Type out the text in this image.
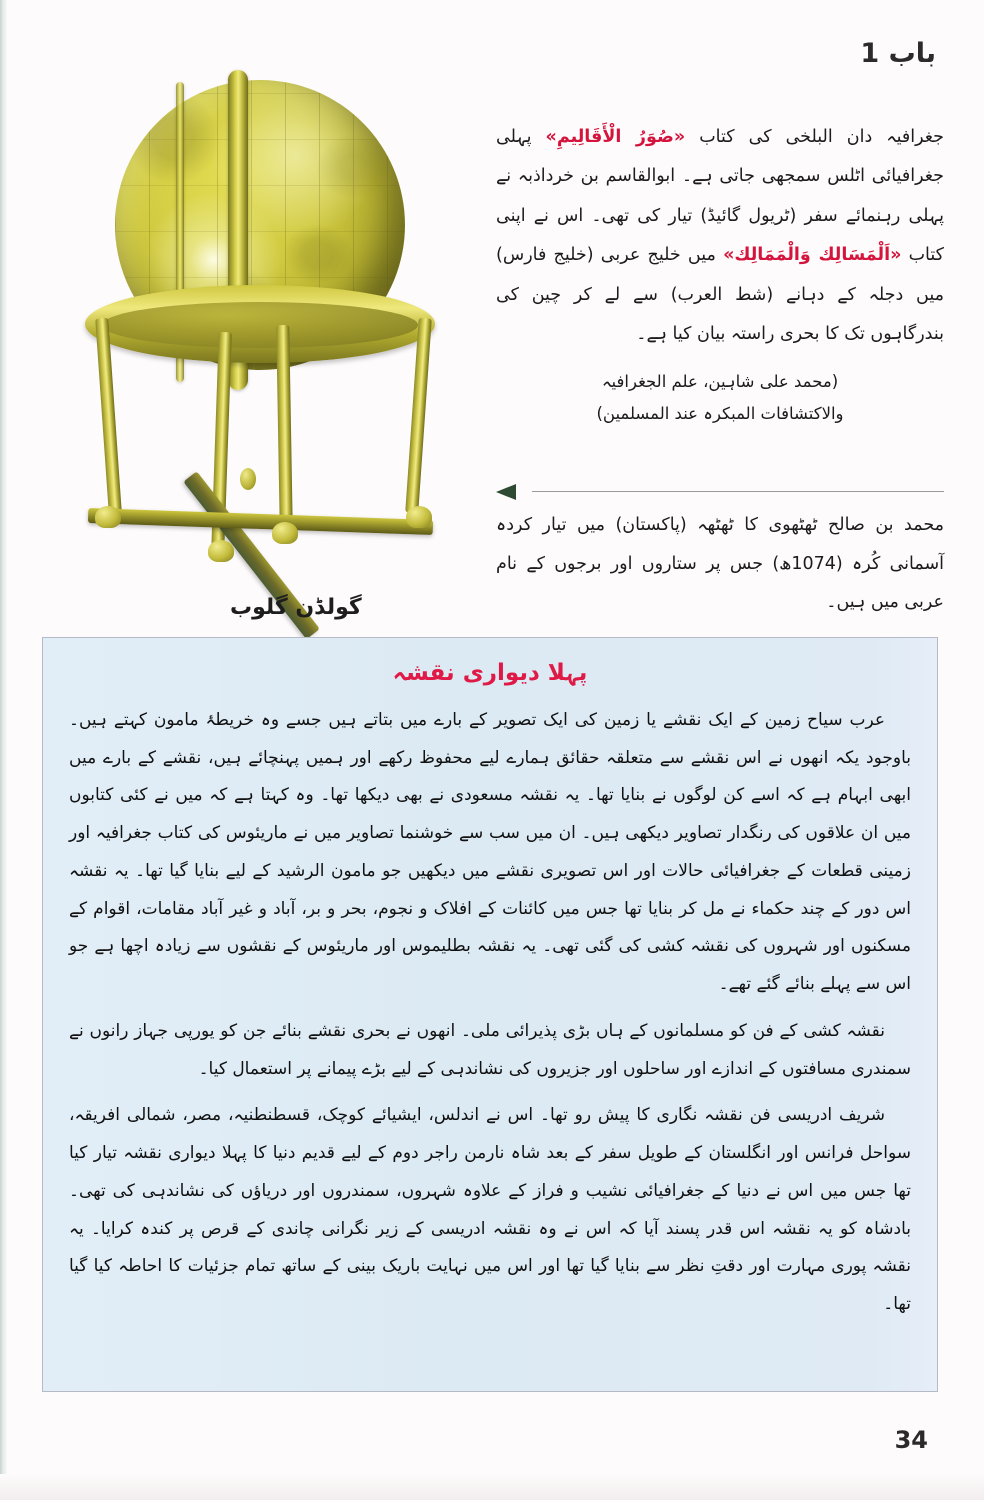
باب 1
گولڈن گلوب

جغرافیہ دان البلخی کی کتاب «صُوَرُ الْأَقَالِيمِ» پہلی جغرافیائی اٹلس سمجھی جاتی ہے۔ ابوالقاسم بن خرداذبہ نے پہلی رہنمائے سفر (ٹریول گائیڈ) تیار کی تھی۔ اس نے اپنی کتاب «اَلْمَسَالِك وَالْمَمَالِك» میں خلیج عربی (خلیج فارس) میں دجلہ کے دہانے (شط العرب) سے لے کر چین کی بندرگاہوں تک کا بحری راستہ بیان کیا ہے۔

(محمد علی شاہین، علم الجغرافیہ
والاکتشافات المبکرہ عند المسلمین)
محمد بن صالح ٹھٹھوی کا ٹھٹھہ (پاکستان) میں تیار کردہ آسمانی کُرہ (1074ھ) جس پر ستاروں اور برجوں کے نام عربی میں ہیں۔
پہلا دیواری نقشہ

عرب سیاح زمین کے ایک نقشے یا زمین کی ایک تصویر کے بارے میں بتاتے ہیں جسے وہ خریطۂ مامون کہتے ہیں۔ باوجود یکہ انھوں نے اس نقشے سے متعلقہ حقائق ہمارے لیے محفوظ رکھے اور ہمیں پہنچائے ہیں، نقشے کے بارے میں ابھی ابہام ہے کہ اسے کن لوگوں نے بنایا تھا۔ یہ نقشہ مسعودی نے بھی دیکھا تھا۔ وہ کہتا ہے کہ میں نے کئی کتابوں میں ان علاقوں کی رنگدار تصاویر دیکھی ہیں۔ ان میں سب سے خوشنما تصاویر میں نے ماریئوس کی کتاب جغرافیہ اور زمینی قطعات کے جغرافیائی حالات اور اس تصویری نقشے میں دیکھیں جو مامون الرشید کے لیے بنایا گیا تھا۔ یہ نقشہ اس دور کے چند حکماء نے مل کر بنایا تھا جس میں کائنات کے افلاک و نجوم، بحر و بر، آباد و غیر آباد مقامات، اقوام کے مسکنوں اور شہروں کی نقشہ کشی کی گئی تھی۔ یہ نقشہ بطلیموس اور ماریئوس کے نقشوں سے زیادہ اچھا ہے جو اس سے پہلے بنائے گئے تھے۔

نقشہ کشی کے فن کو مسلمانوں کے ہاں بڑی پذیرائی ملی۔ انھوں نے بحری نقشے بنائے جن کو یورپی جہاز رانوں نے سمندری مسافتوں کے اندازے اور ساحلوں اور جزیروں کی نشاندہی کے لیے بڑے پیمانے پر استعمال کیا۔

شریف ادریسی فن نقشہ نگاری کا پیش رو تھا۔ اس نے اندلس، ایشیائے کوچک، قسطنطنیہ، مصر، شمالی افریقہ، سواحل فرانس اور انگلستان کے طویل سفر کے بعد شاہ نارمن راجر دوم کے لیے قدیم دنیا کا پہلا دیواری نقشہ تیار کیا تھا جس میں اس نے دنیا کے جغرافیائی نشیب و فراز کے علاوہ شہروں، سمندروں اور دریاؤں کی نشاندہی کی تھی۔ بادشاہ کو یہ نقشہ اس قدر پسند آیا کہ اس نے وہ نقشہ ادریسی کے زیر نگرانی چاندی کے قرص پر کندہ کرایا۔ یہ نقشہ پوری مہارت اور دقتِ نظر سے بنایا گیا تھا اور اس میں نہایت باریک بینی کے ساتھ تمام جزئیات کا احاطہ کیا گیا تھا۔

34
